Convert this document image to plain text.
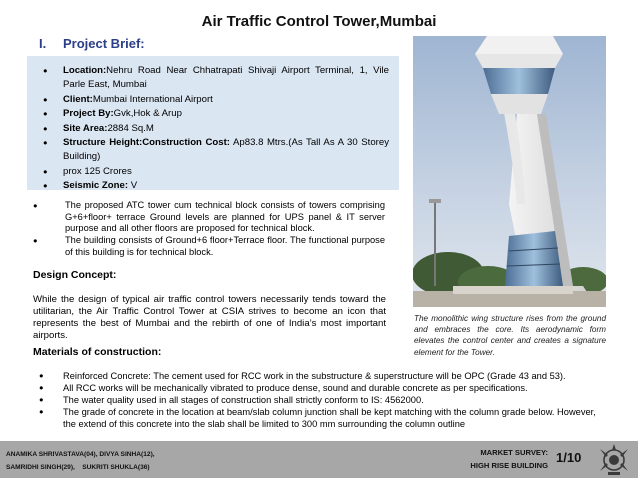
Air Traffic Control Tower,Mumbai
I. Project Brief:
● Location:Nehru Road Near Chhatrapati Shivaji Airport Terminal, 1, Vile Parle East, Mumbai
● Client:Mumbai International Airport
● Project By:Gvk,Hok & Arup
● Site Area:2884 Sq.M
● Structure Height:Construction Cost: Ap83.8 Mtrs.(As Tall As A 30 Storey Building)
● prox 125 Crores
● Seismic Zone: V
● The proposed ATC tower cum technical block consists of towers comprising G+6+floor+ terrace Ground levels are planned for UPS panel & IT server purpose and all other floors are proposed for technical block.
● The building consists of Ground+6 floor+Terrace floor. The functional purpose of this building is for technical block.
Design Concept:
While the design of typical air traffic control towers necessarily tends toward the utilitarian, the Air Traffic Control Tower at CSIA strives to become an icon that represents the best of Mumbai and the rebirth of one of India’s most important airports.
Materials of construction:
● Reinforced Concrete: The cement used for RCC work in the substructure & superstructure will be OPC (Grade 43 and 53).
● All RCC works will be mechanically vibrated to produce dense, sound and durable concrete as per specifications.
● The water quality used in all stages of construction shall strictly conform to IS: 4562000.
● The grade of concrete in the location at beam/slab column junction shall be kept matching with the column grade below. However, the extend of this concrete into the slab shall be limited to 300 mm surrounding the column outline
The monolithic wing structure rises from the ground and embraces the core. Its aerodynamic form elevates the control center and creates a signature element for the Tower.
ANAMIKA SHRIVASTAVA(04), DIVYA SINHA(12),
SAMRIDHI SINGH(29),    SUKRITI SHUKLA(36)
MARKET SURVEY:
HIGH RISE BUILDING 1/10
